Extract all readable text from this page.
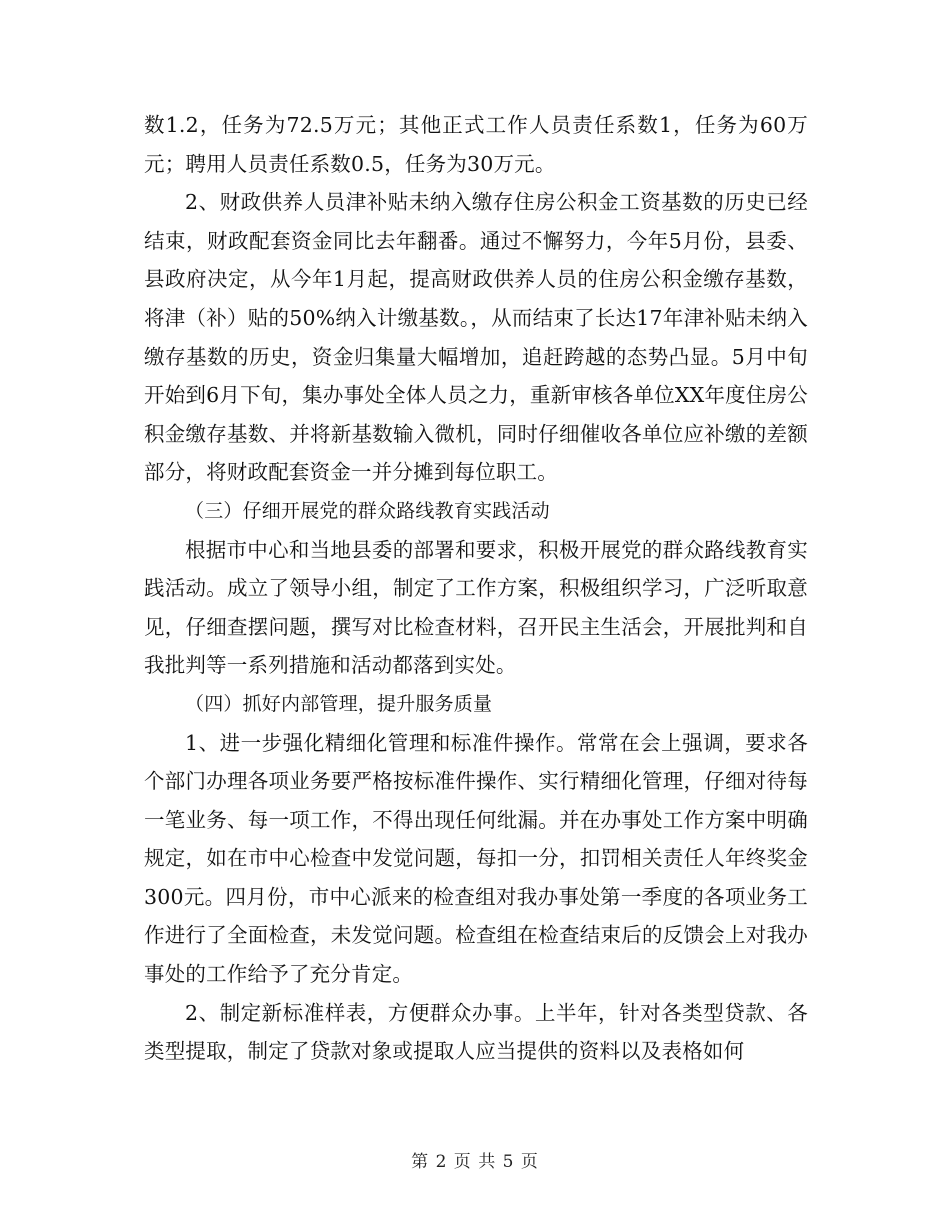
数1.2，任务为72.5万元；其他正式工作人员责任系数1，任务为60万元；聘用人员责任系数0.5，任务为30万元。

2、财政供养人员津补贴未纳入缴存住房公积金工资基数的历史已经结束，财政配套资金同比去年翻番。通过不懈努力，今年5月份，县委、县政府决定，从今年1月起，提高财政供养人员的住房公积金缴存基数，将津（补）贴的50%纳入计缴基数。，从而结束了长达17年津补贴未纳入缴存基数的历史，资金归集量大幅增加，追赶跨越的态势凸显。5月中旬开始到6月下旬，集办事处全体人员之力，重新审核各单位XX年度住房公积金缴存基数、并将新基数输入微机，同时仔细催收各单位应补缴的差额部分，将财政配套资金一并分摊到每位职工。

（三）仔细开展党的群众路线教育实践活动

根据市中心和当地县委的部署和要求，积极开展党的群众路线教育实践活动。成立了领导小组，制定了工作方案，积极组织学习，广泛听取意见，仔细查摆问题，撰写对比检查材料，召开民主生活会，开展批判和自我批判等一系列措施和活动都落到实处。

（四）抓好内部管理，提升服务质量

1、进一步强化精细化管理和标准件操作。常常在会上强调，要求各个部门办理各项业务要严格按标准件操作、实行精细化管理，仔细对待每一笔业务、每一项工作，不得出现任何纰漏。并在办事处工作方案中明确规定，如在市中心检查中发觉问题，每扣一分，扣罚相关责任人年终奖金300元。四月份，市中心派来的检查组对我办事处第一季度的各项业务工作进行了全面检查，未发觉问题。检查组在检查结束后的反馈会上对我办事处的工作给予了充分肯定。

2、制定新标准样表，方便群众办事。上半年，针对各类型贷款、各类型提取，制定了贷款对象或提取人应当提供的资料以及表格如何

第 2 页 共 5 页
